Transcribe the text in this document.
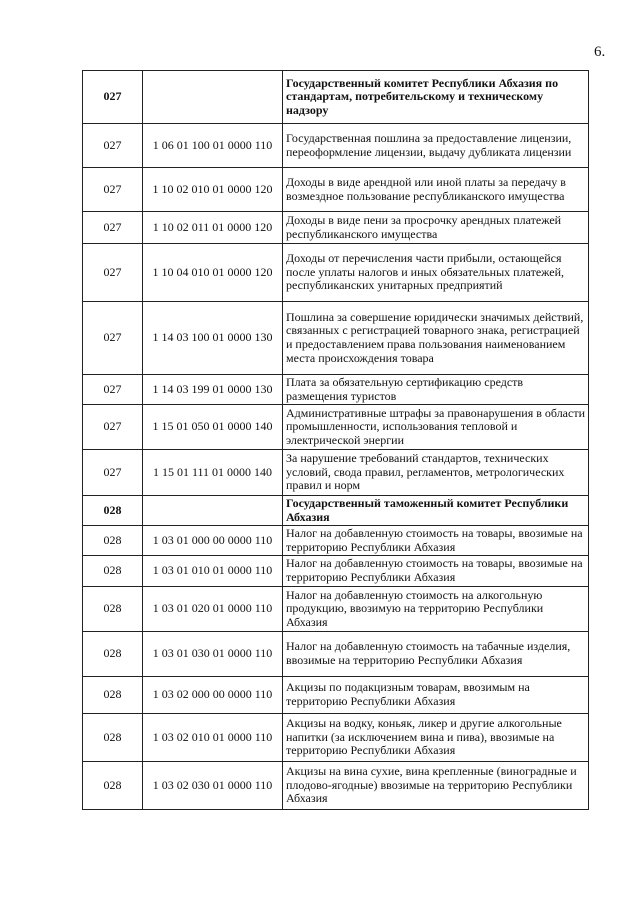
6.
027		Государственный комитет Республики Абхазия по стандартам, потребительскому и техническому надзору
027	1 06 01 100 01 0000 110	Государственная пошлина за предоставление лицензии, переоформление лицензии, выдачу дубликата лицензии
027	1 10 02 010 01 0000 120	Доходы в виде арендной или иной платы за передачу в возмездное пользование республиканского имущества
027	1 10 02 011 01 0000 120	Доходы в виде пени за просрочку арендных платежей республиканского имущества
027	1 10 04 010 01 0000 120	Доходы от перечисления части прибыли, остающейся после уплаты налогов и иных обязательных платежей, республиканских унитарных предприятий
027	1 14 03 100 01 0000 130	Пошлина за совершение юридически значимых действий, связанных с регистрацией товарного знака, регистрацией и предоставлением права пользования наименованием места происхождения товара
027	1 14 03 199 01 0000 130	Плата за обязательную сертификацию средств размещения туристов
027	1 15 01 050 01 0000 140	Административные штрафы за правонарушения в области промышленности, использования тепловой и электрической энергии
027	1 15 01 111 01 0000 140	За нарушение требований стандартов, технических условий, свода правил, регламентов, метрологических правил и норм
028		Государственный таможенный комитет Республики Абхазия
028	1 03 01 000 00 0000 110	Налог на добавленную стоимость на товары, ввозимые на территорию Республики Абхазия
028	1 03 01 010 01 0000 110	Налог на добавленную стоимость на товары, ввозимые на территорию Республики Абхазия
028	1 03 01 020 01 0000 110	Налог на добавленную стоимость на алкогольную продукцию, ввозимую на территорию Республики Абхазия
028	1 03 01 030 01 0000 110	Налог на добавленную стоимость на табачные изделия, ввозимые на территорию Республики Абхазия
028	1 03 02 000 00 0000 110	Акцизы по подакцизным товарам, ввозимым на территорию Республики Абхазия
028	1 03 02 010 01 0000 110	Акцизы на водку, коньяк, ликер и другие алкогольные напитки (за исключением вина и пива), ввозимые на территорию Республики Абхазия
028	1 03 02 030 01 0000 110	Акцизы на вина сухие, вина крепленные (виноградные и плодово-ягодные) ввозимые на территорию Республики Абхазия
